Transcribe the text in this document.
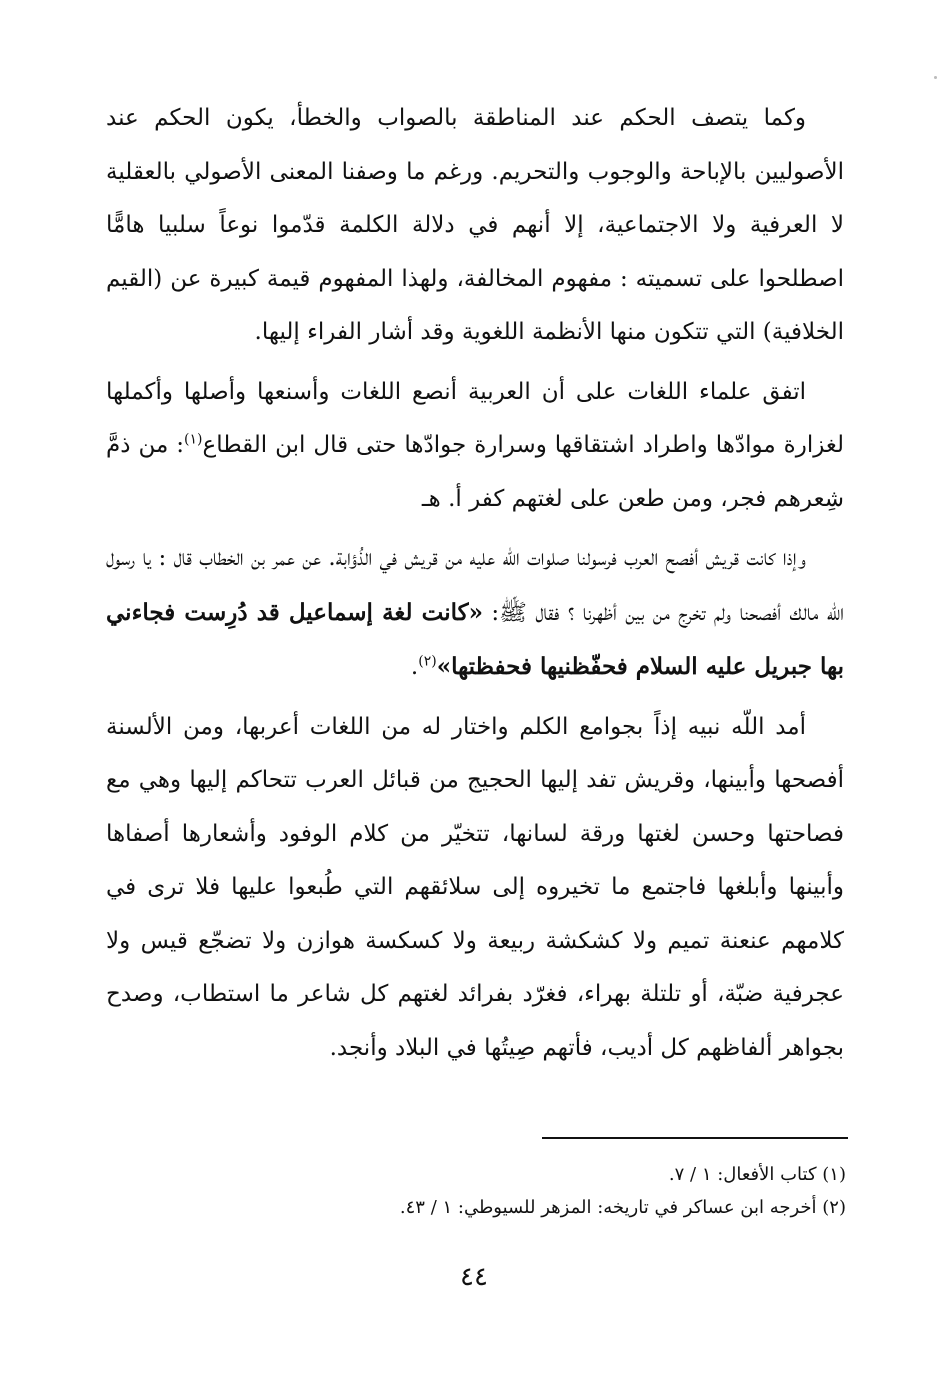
وكما يتصف الحكم عند المناطقة بالصواب والخطأ، يكون الحكم عند الأصوليين بالإباحة والوجوب والتحريم. ورغم ما وصفنا المعنى الأصولي بالعقلية لا العرفية ولا الاجتماعية، إلا أنهم في دلالة الكلمة قدّموا نوعاً سلبيا هامًّا اصطلحوا على تسميته : مفهوم المخالفة، ولهذا المفهوم قيمة كبيرة عن (القيم الخلافية) التي تتكون منها الأنظمة اللغوية وقد أشار الفراء إليها.

اتفق علماء اللغات على أن العربية أنصع اللغات وأسنعها وأصلها وأكملها لغزارة موادّها واطراد اشتقاقها وسرارة جوادّها حتى قال ابن القطاع$^{(١)}$: من ذمَّ شِعرهم فجر، ومن طعن على لغتهم كفر أ. هـ

وإذا كانت قريش أفصح العرب فرسولنا صلوات اللّه عليه من قريش في الذُؤابة. عن عمر بن الخطاب قال : يا رسول اللّه مالك أفصحنا ولم تخرج من بين أظهرنا ؟ فقال ﷺ: «كانت لغة إسماعيل قد دُرِست فجاءني بها جبريل عليه السلام فحفّظنيها فحفظتها»$^{(٢)}$.

أمد اللّه نبيه إذاً بجوامع الكلم واختار له من اللغات أعربها، ومن الألسنة أفصحها وأبينها، وقريش تفد إليها الحجيج من قبائل العرب تتحاكم إليها وهي مع فصاحتها وحسن لغتها ورقة لسانها، تتخيّر من كلام الوفود وأشعارها أصفاها وأبينها وأبلغها فاجتمع ما تخيروه إلى سلائقهم التي طُبعوا عليها فلا ترى في كلامهم عنعنة تميم ولا كشكشة ربيعة ولا كسكسة هوازن ولا تضجّع قيس ولا عجرفية ضبّة، أو تلتلة بهراء، فغرّد بفرائد لغتهم كل شاعر ما استطاب، وصدح بجواهر ألفاظهم كل أديب، فأتهم صِيتُها في البلاد وأنجد.

(١) كتاب الأفعال: ١ / ٧.

(٢) أخرجه ابن عساكر في تاريخه: المزهر للسيوطي: ١ / ٤٣.

٤٤
